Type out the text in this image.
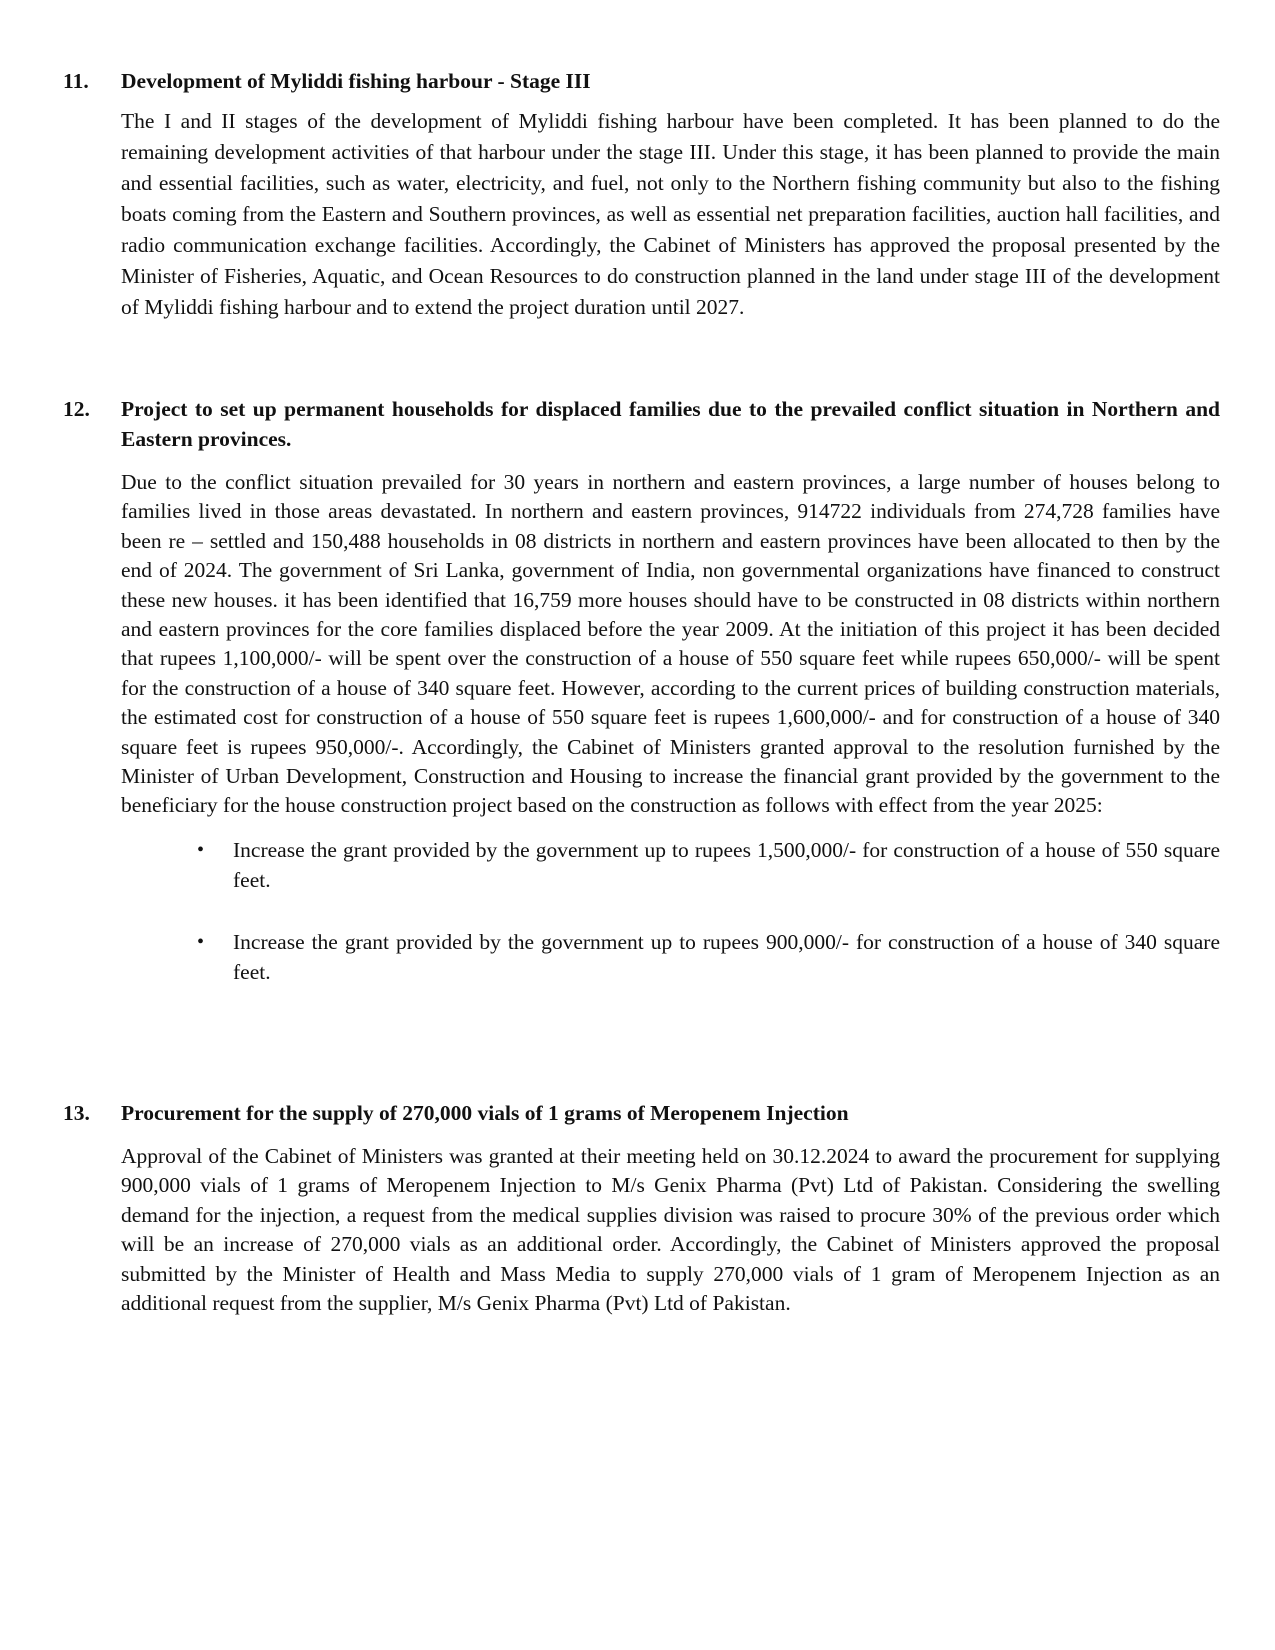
11.	Development of Myliddi fishing harbour - Stage III

The I and II stages of the development of Myliddi fishing harbour have been completed. It has been planned to do the remaining development activities of that harbour under the stage III. Under this stage, it has been planned to provide the main and essential facilities, such as water, electricity, and fuel, not only to the Northern fishing community but also to the fishing boats coming from the Eastern and Southern provinces, as well as essential net preparation facilities, auction hall facilities, and radio communication exchange facilities. Accordingly, the Cabinet of Ministers has approved the proposal presented by the Minister of Fisheries, Aquatic, and Ocean Resources to do construction planned in the land under stage III of the development of Myliddi fishing harbour and to extend the project duration until 2027.

12.	Project to set up permanent households for displaced families due to the prevailed conflict situation in Northern and Eastern provinces.

Due to the conflict situation prevailed for 30 years in northern and eastern provinces, a large number of houses belong to families lived in those areas devastated. In northern and eastern provinces, 914722 individuals from 274,728 families have been re – settled and 150,488 households in 08 districts in northern and eastern provinces have been allocated to then by the end of 2024. The government of Sri Lanka, government of India, non governmental organizations have financed to construct these new houses. it has been identified that 16,759 more houses should have to be constructed in 08 districts within northern and eastern provinces for the core families displaced before the year 2009. At the initiation of this project it has been decided that rupees 1,100,000/- will be spent over the construction of a house of 550 square feet while rupees 650,000/- will be spent for the construction of a house of 340 square feet. However, according to the current prices of building construction materials, the estimated cost for construction of a house of 550 square feet is rupees 1,600,000/- and for construction of a house of 340 square feet is rupees 950,000/-. Accordingly, the Cabinet of Ministers granted approval to the resolution furnished by the Minister of Urban Development, Construction and Housing to increase the financial grant provided by the government to the beneficiary for the house construction project based on the construction as follows with effect from the year 2025:

•	Increase the grant provided by the government up to rupees 1,500,000/- for construction of a house of 550 square feet.
•	Increase the grant provided by the government up to rupees 900,000/- for construction of a house of 340 square feet.
13.	Procurement for the supply of 270,000 vials of 1 grams of Meropenem Injection

Approval of the Cabinet of Ministers was granted at their meeting held on 30.12.2024 to award the procurement for supplying 900,000 vials of 1 grams of Meropenem Injection to M/s Genix Pharma (Pvt) Ltd of Pakistan. Considering the swelling demand for the injection, a request from the medical supplies division was raised to procure 30% of the previous order which will be an increase of 270,000 vials as an additional order. Accordingly, the Cabinet of Ministers approved the proposal submitted by the Minister of Health and Mass Media to supply 270,000 vials of 1 gram of Meropenem Injection as an additional request from the supplier, M/s Genix Pharma (Pvt) Ltd of Pakistan.
